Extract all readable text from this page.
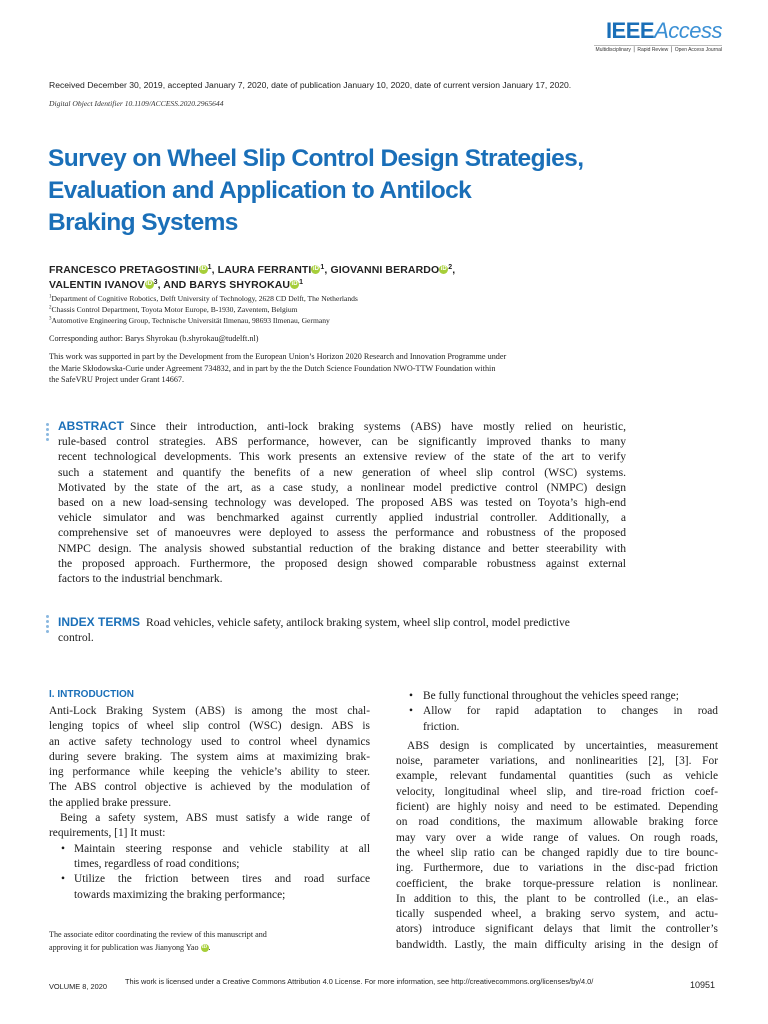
IEEEAccess
Multidisciplinary ⎪ Rapid Review ⎪ Open Access Journal
Received December 30, 2019, accepted January 7, 2020, date of publication January 10, 2020, date of current version January 17, 2020.
Digital Object Identifier 10.1109/ACCESS.2020.2965644
Survey on Wheel Slip Control Design Strategies,
Evaluation and Application to Antilock
Braking Systems
FRANCESCO PRETAGOSTINIiD$^1$, LAURA FERRANTIiD$^1$, GIOVANNI BERARDOiD$^2$,
VALENTIN IVANOViD$^3$, AND BARYS SHYROKAUiD$^1$
$^1$Department of Cognitive Robotics, Delft University of Technology, 2628 CD Delft, The Netherlands
$^2$Chassis Control Department, Toyota Motor Europe, B-1930, Zaventem, Belgium
$^3$Automotive Engineering Group, Technische Universität Ilmenau, 98693 Ilmenau, Germany
Corresponding author: Barys Shyrokau (b.shyrokau@tudelft.nl)
This work was supported in part by the Development from the European Union’s Horizon 2020 Research and Innovation Programme under
the Marie Skłodowska-Curie under Agreement 734832, and in part by the the Dutch Science Foundation NWO-TTW Foundation within
the SafeVRU Project under Grant 14667.
ABSTRACT Since their introduction, anti-lock braking systems (ABS) have mostly relied on heuristic,
rule-based control strategies. ABS performance, however, can be significantly improved thanks to many
recent technological developments. This work presents an extensive review of the state of the art to verify
such a statement and quantify the benefits of a new generation of wheel slip control (WSC) systems.
Motivated by the state of the art, as a case study, a nonlinear model predictive control (NMPC) design
based on a new load-sensing technology was developed. The proposed ABS was tested on Toyota’s high-end
vehicle simulator and was benchmarked against currently applied industrial controller. Additionally, a
comprehensive set of manoeuvres were deployed to assess the performance and robustness of the proposed
NMPC design. The analysis showed substantial reduction of the braking distance and better steerability with
the proposed approach. Furthermore, the proposed design showed comparable robustness against external
factors to the industrial benchmark.
INDEX TERMS Road vehicles, vehicle safety, antilock braking system, wheel slip control, model predictive
control.
I. INTRODUCTION
Anti-Lock Braking System (ABS) is among the most chal-
lenging topics of wheel slip control (WSC) design. ABS is
an active safety technology used to control wheel dynamics
during severe braking. The system aims at maximizing brak-
ing performance while keeping the vehicle’s ability to steer.
The ABS control objective is achieved by the modulation of
the applied brake pressure.
Being a safety system, ABS must satisfy a wide range of
requirements, [1] It must:
• Maintain steering response and vehicle stability at all
times, regardless of road conditions;
• Utilize the friction between tires and road surface
towards maximizing the braking performance;
The associate editor coordinating the review of this manuscript and
approving it for publication was Jianyong Yao iD .
• Be fully functional throughout the vehicles speed range;
• Allow for rapid adaptation to changes in road
friction.
ABS design is complicated by uncertainties, measurement
noise, parameter variations, and nonlinearities [2], [3]. For
example, relevant fundamental quantities (such as vehicle
velocity, longitudinal wheel slip, and tire-road friction coef-
ficient) are highly noisy and need to be estimated. Depending
on road conditions, the maximum allowable braking force
may vary over a wide range of values. On rough roads,
the wheel slip ratio can be changed rapidly due to tire bounc-
ing. Furthermore, due to variations in the disc-pad friction
coefficient, the brake torque-pressure relation is nonlinear.
In addition to this, the plant to be controlled (i.e., an elas-
tically suspended wheel, a braking servo system, and actu-
ators) introduce significant delays that limit the controller’s
bandwidth. Lastly, the main difficulty arising in the design of
VOLUME 8, 2020
This work is licensed under a Creative Commons Attribution 4.0 License. For more information, see http://creativecommons.org/licenses/by/4.0/	10951
